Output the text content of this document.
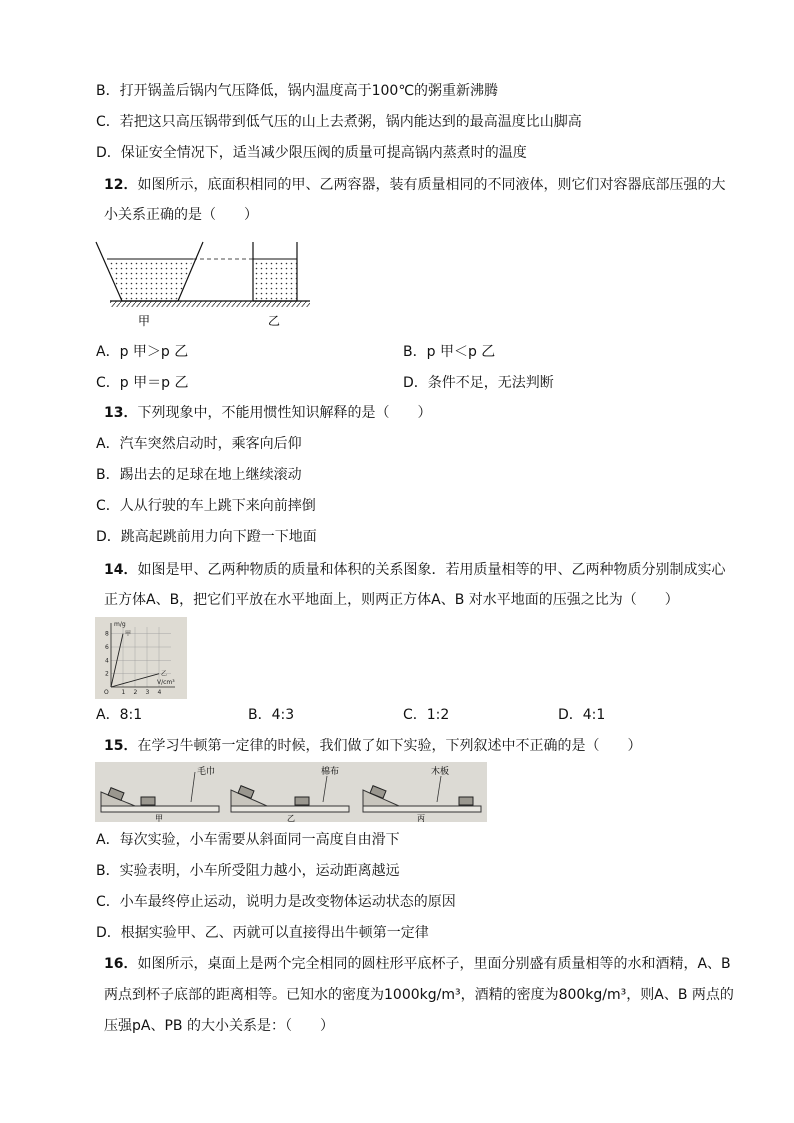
B．打开锅盖后锅内气压降低，锅内温度高于100℃的粥重新沸腾
C．若把这只高压锅带到低气压的山上去煮粥，锅内能达到的最高温度比山脚高
D．保证安全情况下，适当减少限压阀的质量可提高锅内蒸煮时的温度
12．如图所示，底面积相同的甲、乙两容器，装有质量相同的不同液体，则它们对容器底部压强的大
小关系正确的是（　　）
甲	乙
A．p 甲＞p 乙	B．p 甲＜p 乙
C．p 甲＝p 乙	D．条件不足，无法判断
13．下列现象中，不能用惯性知识解释的是（　　）
A．汽车突然启动时，乘客向后仰
B．踢出去的足球在地上继续滚动
C．人从行驶的车上跳下来向前摔倒
D．跳高起跳前用力向下蹬一下地面
14．如图是甲、乙两种物质的质量和体积的关系图象．若用质量相等的甲、乙两种物质分别制成实心
正方体A、B，把它们平放在水平地面上，则两正方体A、B 对水平地面的压强之比为（　　）
1 2 3 4
2
4
6
8
O
m/g
V/cm³
甲
乙
A．8:1	B．4:3	C．1:2	D．4:1
15．在学习牛顿第一定律的时候，我们做了如下实验，下列叙述中不正确的是（　　）
毛巾
甲
棉布
乙
木板
丙
A．每次实验，小车需要从斜面同一高度自由滑下
B．实验表明，小车所受阻力越小，运动距离越远
C．小车最终停止运动，说明力是改变物体运动状态的原因
D．根据实验甲、乙、丙就可以直接得出牛顿第一定律
16．如图所示，桌面上是两个完全相同的圆柱形平底杯子，里面分别盛有质量相等的水和酒精，A、B
两点到杯子底部的距离相等。已知水的密度为1000kg/m³，酒精的密度为800kg/m³，则A、B 两点的
压强pA、PB 的大小关系是：（　　）
